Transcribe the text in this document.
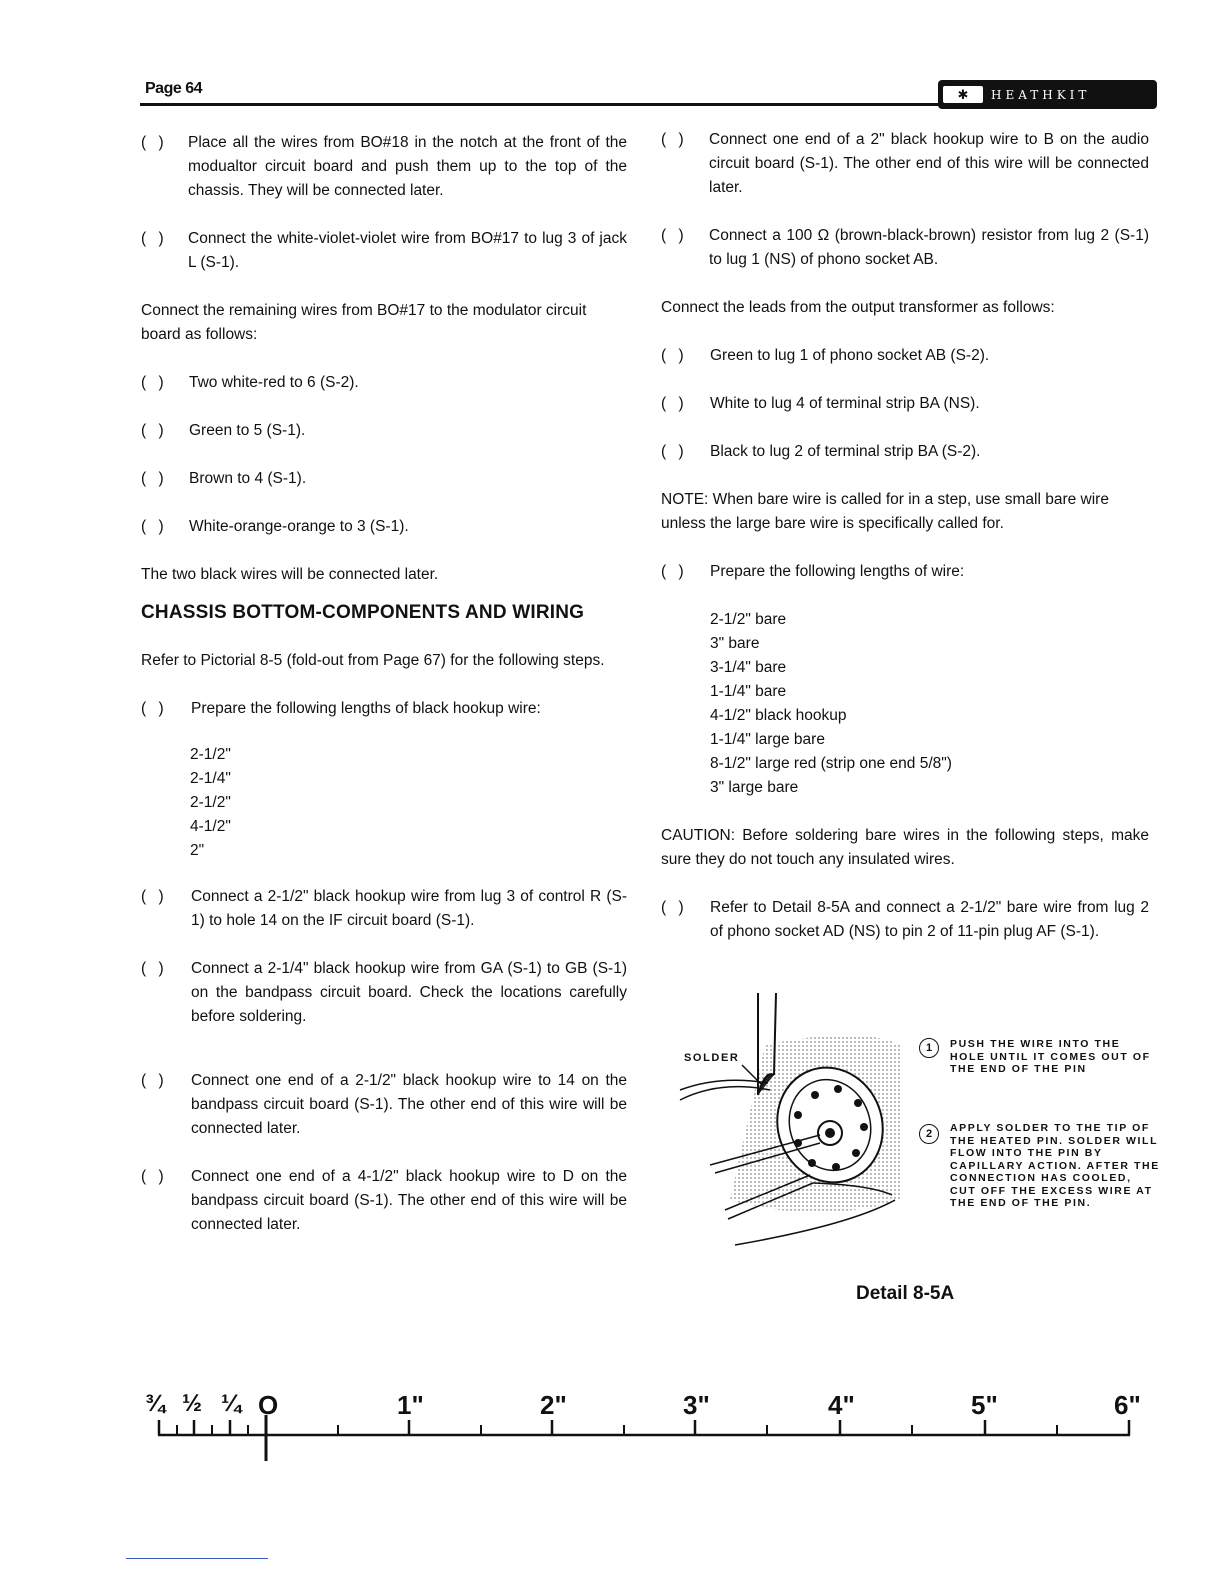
Page 64	✱	HEATHKIT
( ) Place all the wires from BO#18 in the notch at the front of the modualtor circuit board and push them up to the top of the chassis. They will be connected later.
( ) Connect the white-violet-violet wire from BO#17 to lug 3 of jack L (S-1).

Connect the remaining wires from BO#17 to the modulator circuit board as follows:

( ) Two white-red to 6 (S-2).
( ) Green to 5 (S-1).
( ) Brown to 4 (S-1).
( ) White-orange-orange to 3 (S-1).

The two black wires will be connected later.

CHASSIS BOTTOM-COMPONENTS AND WIRING

Refer to Pictorial 8-5 (fold-out from Page 67) for the following steps.

( ) Prepare the following lengths of black hookup wire:
2-1/2"
2-1/4"
2-1/2"
4-1/2"
2"
( ) Connect a 2-1/2" black hookup wire from lug 3 of control R (S-1) to hole 14 on the IF circuit board (S-1).
( ) Connect a 2-1/4" black hookup wire from GA (S-1) to GB (S-1) on the bandpass circuit board. Check the locations carefully before soldering.
( ) Connect one end of a 2-1/2" black hookup wire to 14 on the bandpass circuit board (S-1). The other end of this wire will be connected later.
( ) Connect one end of a 4-1/2" black hookup wire to D on the bandpass circuit board (S-1). The other end of this wire will be connected later.
( ) Connect one end of a 2" black hookup wire to B on the audio circuit board (S-1). The other end of this wire will be connected later.
( ) Connect a 100 Ω (brown-black-brown) resistor from lug 2 (S-1) to lug 1 (NS) of phono socket AB.

Connect the leads from the output transformer as follows:

( ) Green to lug 1 of phono socket AB (S-2).
( ) White to lug 4 of terminal strip BA (NS).
( ) Black to lug 2 of terminal strip BA (S-2).

NOTE: When bare wire is called for in a step, use small bare wire unless the large bare wire is specifically called for.

( ) Prepare the following lengths of wire:
2-1/2" bare
3" bare
3-1/4" bare
1-1/4" bare
4-1/2" black hookup
1-1/4" large bare
8-1/2" large red (strip one end 5/8")
3" large bare

CAUTION: Before soldering bare wires in the following steps, make sure they do not touch any insulated wires.

( ) Refer to Detail 8-5A and connect a 2-1/2" bare wire from lug 2 of phono socket AD (NS) to pin 2 of 11-pin plug AF (S-1).
SOLDER
1	PUSH THE WIRE INTO THE HOLE UNTIL IT COMES OUT OF THE END OF THE PIN
2	APPLY SOLDER TO THE TIP OF THE HEATED PIN. SOLDER WILL FLOW INTO THE PIN BY CAPILLARY ACTION. AFTER THE CONNECTION HAS COOLED, CUT OFF THE EXCESS WIRE AT THE END OF THE PIN.
Detail 8-5A
¾ ½ ¼ O	1"	2"	3"	4"	5"	6"
